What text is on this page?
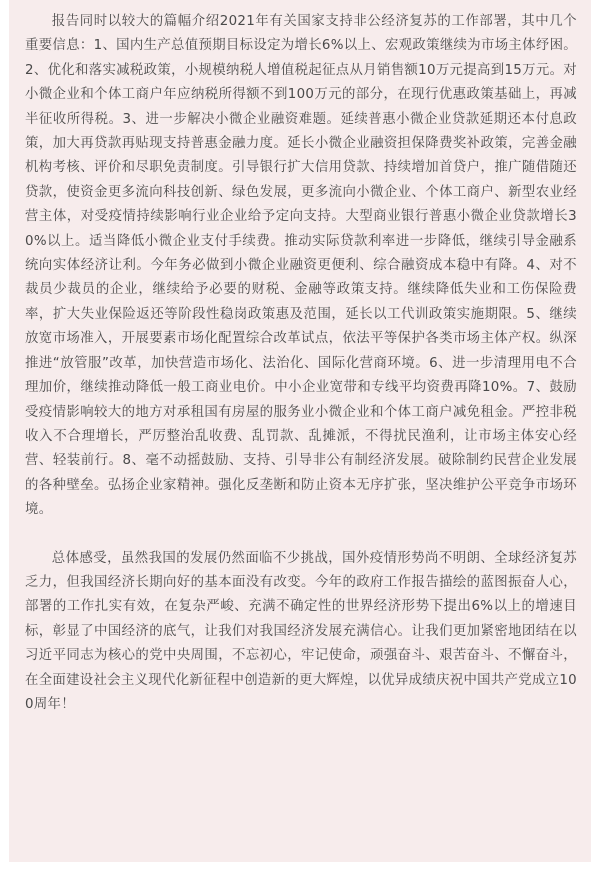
报告同时以较大的篇幅介绍2021年有关国家支持非公经济复苏的工作部署，其中几个重要信息：1、国内生产总值预期目标设定为增长6%以上、宏观政策继续为市场主体纾困。2、优化和落实减税政策，小规模纳税人增值税起征点从月销售额10万元提高到15万元。对小微企业和个体工商户年应纳税所得额不到100万元的部分，在现行优惠政策基础上，再减半征收所得税。3、进一步解决小微企业融资难题。延续普惠小微企业贷款延期还本付息政策，加大再贷款再贴现支持普惠金融力度。延长小微企业融资担保降费奖补政策，完善金融机构考核、评价和尽职免责制度。引导银行扩大信用贷款、持续增加首贷户，推广随借随还贷款，使资金更多流向科技创新、绿色发展，更多流向小微企业、个体工商户、新型农业经营主体，对受疫情持续影响行业企业给予定向支持。大型商业银行普惠小微企业贷款增长30%以上。适当降低小微企业支付手续费。推动实际贷款利率进一步降低，继续引导金融系统向实体经济让利。今年务必做到小微企业融资更便利、综合融资成本稳中有降。4、对不裁员少裁员的企业，继续给予必要的财税、金融等政策支持。继续降低失业和工伤保险费率，扩大失业保险返还等阶段性稳岗政策惠及范围，延长以工代训政策实施期限。5、继续放宽市场准入，开展要素市场化配置综合改革试点，依法平等保护各类市场主体产权。纵深推进“放管服”改革，加快营造市场化、法治化、国际化营商环境。6、进一步清理用电不合理加价，继续推动降低一般工商业电价。中小企业宽带和专线平均资费再降10%。7、鼓励受疫情影响较大的地方对承租国有房屋的服务业小微企业和个体工商户减免租金。严控非税收入不合理增长，严厉整治乱收费、乱罚款、乱摊派，不得扰民渔利，让市场主体安心经营、轻装前行。8、毫不动摇鼓励、支持、引导非公有制经济发展。破除制约民营企业发展的各种壁垒。弘扬企业家精神。强化反垄断和防止资本无序扩张，坚决维护公平竞争市场环境。

总体感受，虽然我国的发展仍然面临不少挑战，国外疫情形势尚不明朗、全球经济复苏乏力，但我国经济长期向好的基本面没有改变。今年的政府工作报告描绘的蓝图振奋人心，部署的工作扎实有效，在复杂严峻、充满不确定性的世界经济形势下提出6%以上的增速目标，彰显了中国经济的底气，让我们对我国经济发展充满信心。让我们更加紧密地团结在以习近平同志为核心的党中央周围，不忘初心，牢记使命，顽强奋斗、艰苦奋斗、不懈奋斗，在全面建设社会主义现代化新征程中创造新的更大辉煌，以优异成绩庆祝中国共产党成立100周年！
